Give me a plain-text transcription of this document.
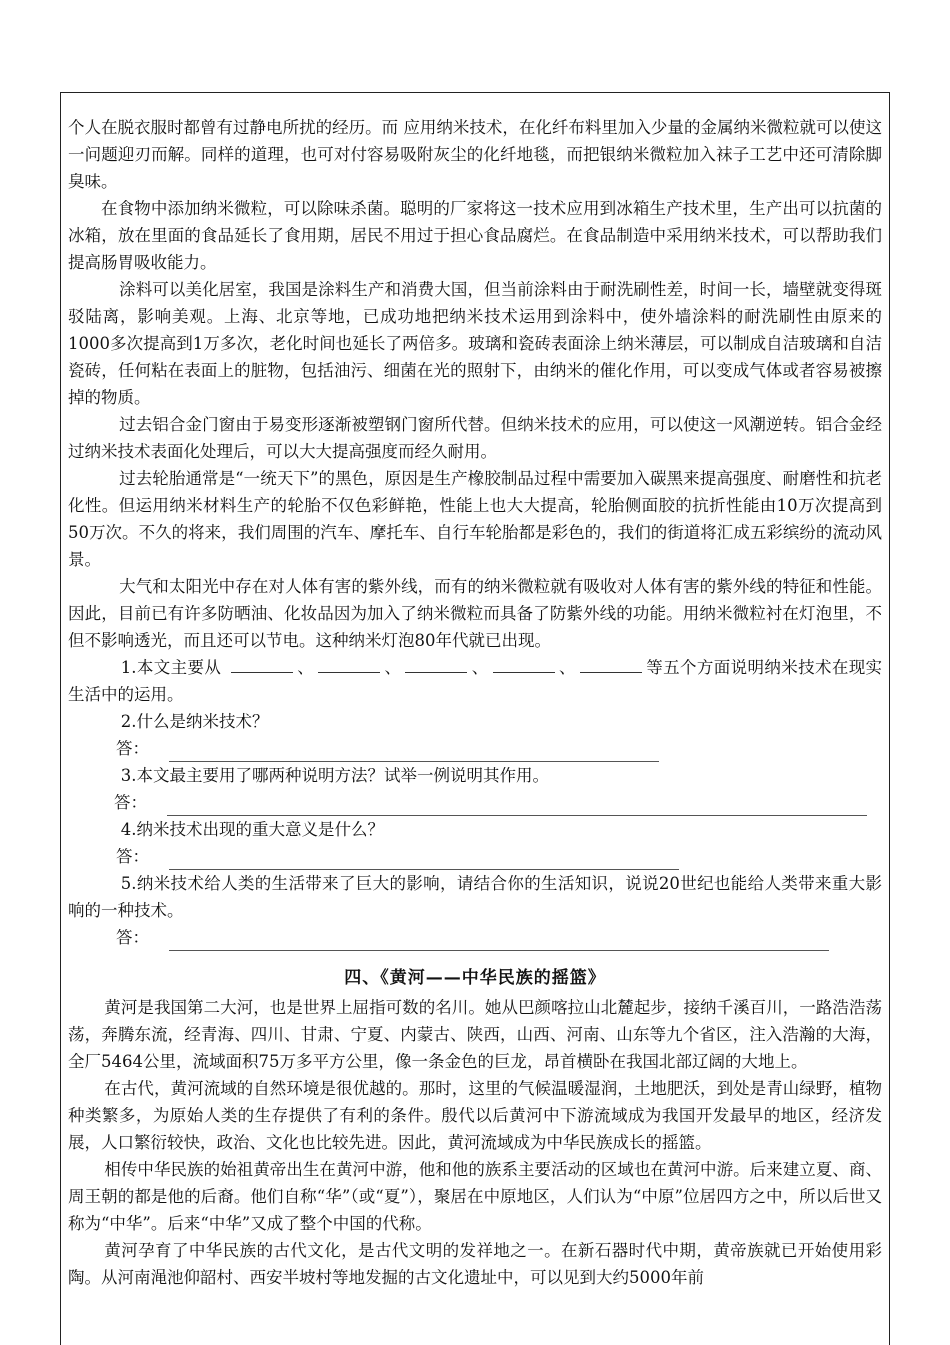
个人在脱衣服时都曾有过静电所扰的经历。而 应用纳米技术，在化纤布料里加入少量的金属纳米微粒就可以使这一问题迎刃而解。同样的道理，也可对付容易吸附灰尘的化纤地毯，而把银纳米微粒加入袜子工艺中还可清除脚臭味。

在食物中添加纳米微粒，可以除味杀菌。聪明的厂家将这一技术应用到冰箱生产技术里，生产出可以抗菌的冰箱，放在里面的食品延长了食用期，居民不用过于担心食品腐烂。在食品制造中采用纳米技术，可以帮助我们提高肠胃吸收能力。

涂料可以美化居室，我国是涂料生产和消费大国，但当前涂料由于耐洗刷性差，时间一长，墙壁就变得斑驳陆离，影响美观。上海、北京等地，已成功地把纳米技术运用到涂料中，使外墙涂料的耐洗刷性由原来的1000多次提高到1万多次，老化时间也延长了两倍多。玻璃和瓷砖表面涂上纳米薄层，可以制成自洁玻璃和自洁瓷砖，任何粘在表面上的脏物，包括油污、细菌在光的照射下，由纳米的催化作用，可以变成气体或者容易被擦掉的物质。

过去铝合金门窗由于易变形逐渐被塑钢门窗所代替。但纳米技术的应用，可以使这一风潮逆转。铝合金经过纳米技术表面化处理后，可以大大提高强度而经久耐用。

过去轮胎通常是“一统天下”的黑色，原因是生产橡胶制品过程中需要加入碳黑来提高强度、耐磨性和抗老化性。但运用纳米材料生产的轮胎不仅色彩鲜艳，性能上也大大提高，轮胎侧面胶的抗折性能由10万次提高到50万次。不久的将来，我们周围的汽车、摩托车、自行车轮胎都是彩色的，我们的街道将汇成五彩缤纷的流动风景。

大气和太阳光中存在对人体有害的紫外线，而有的纳米微粒就有吸收对人体有害的紫外线的特征和性能。因此，目前已有许多防晒油、化妆品因为加入了纳米微粒而具备了防紫外线的功能。用纳米微粒衬在灯泡里，不但不影响透光，而且还可以节电。这种纳米灯泡80年代就已出现。

1.本文主要从	、	、	、	、	等五个方面说明纳米技术在现实生活中的运用。

2.什么是纳米技术？

答：

3.本文最主要用了哪两种说明方法？试举一例说明其作用。

答：

4.纳米技术出现的重大意义是什么？

答：

5.纳米技术给人类的生活带来了巨大的影响，请结合你的生活知识，说说20世纪也能给人类带来重大影响的一种技术。

答：
四、《黄河——中华民族的摇篮》

黄河是我国第二大河，也是世界上屈指可数的名川。她从巴颜喀拉山北麓起步，接纳千溪百川，一路浩浩荡荡，奔腾东流，经青海、四川、甘肃、宁夏、内蒙古、陕西，山西、河南、山东等九个省区，注入浩瀚的大海，全厂5464公里，流域面积75万多平方公里，像一条金色的巨龙，昂首横卧在我国北部辽阔的大地上。

在古代，黄河流域的自然环境是很优越的。那时，这里的气候温暖湿润，土地肥沃，到处是青山绿野，植物种类繁多，为原始人类的生存提供了有利的条件。殷代以后黄河中下游流域成为我国开发最早的地区，经济发展，人口繁衍较快，政治、文化也比较先进。因此，黄河流域成为中华民族成长的摇篮。

相传中华民族的始祖黄帝出生在黄河中游，他和他的族系主要活动的区域也在黄河中游。后来建立夏、商、周王朝的都是他的后裔。他们自称“华”（或“夏”），聚居在中原地区，人们认为“中原”位居四方之中，所以后世又称为“中华”。后来“中华”又成了整个中国的代称。

黄河孕育了中华民族的古代文化，是古代文明的发祥地之一。在新石器时代中期，黄帝族就已开始使用彩陶。从河南渑池仰韶村、西安半坡村等地发掘的古文化遗址中，可以见到大约5000年前
